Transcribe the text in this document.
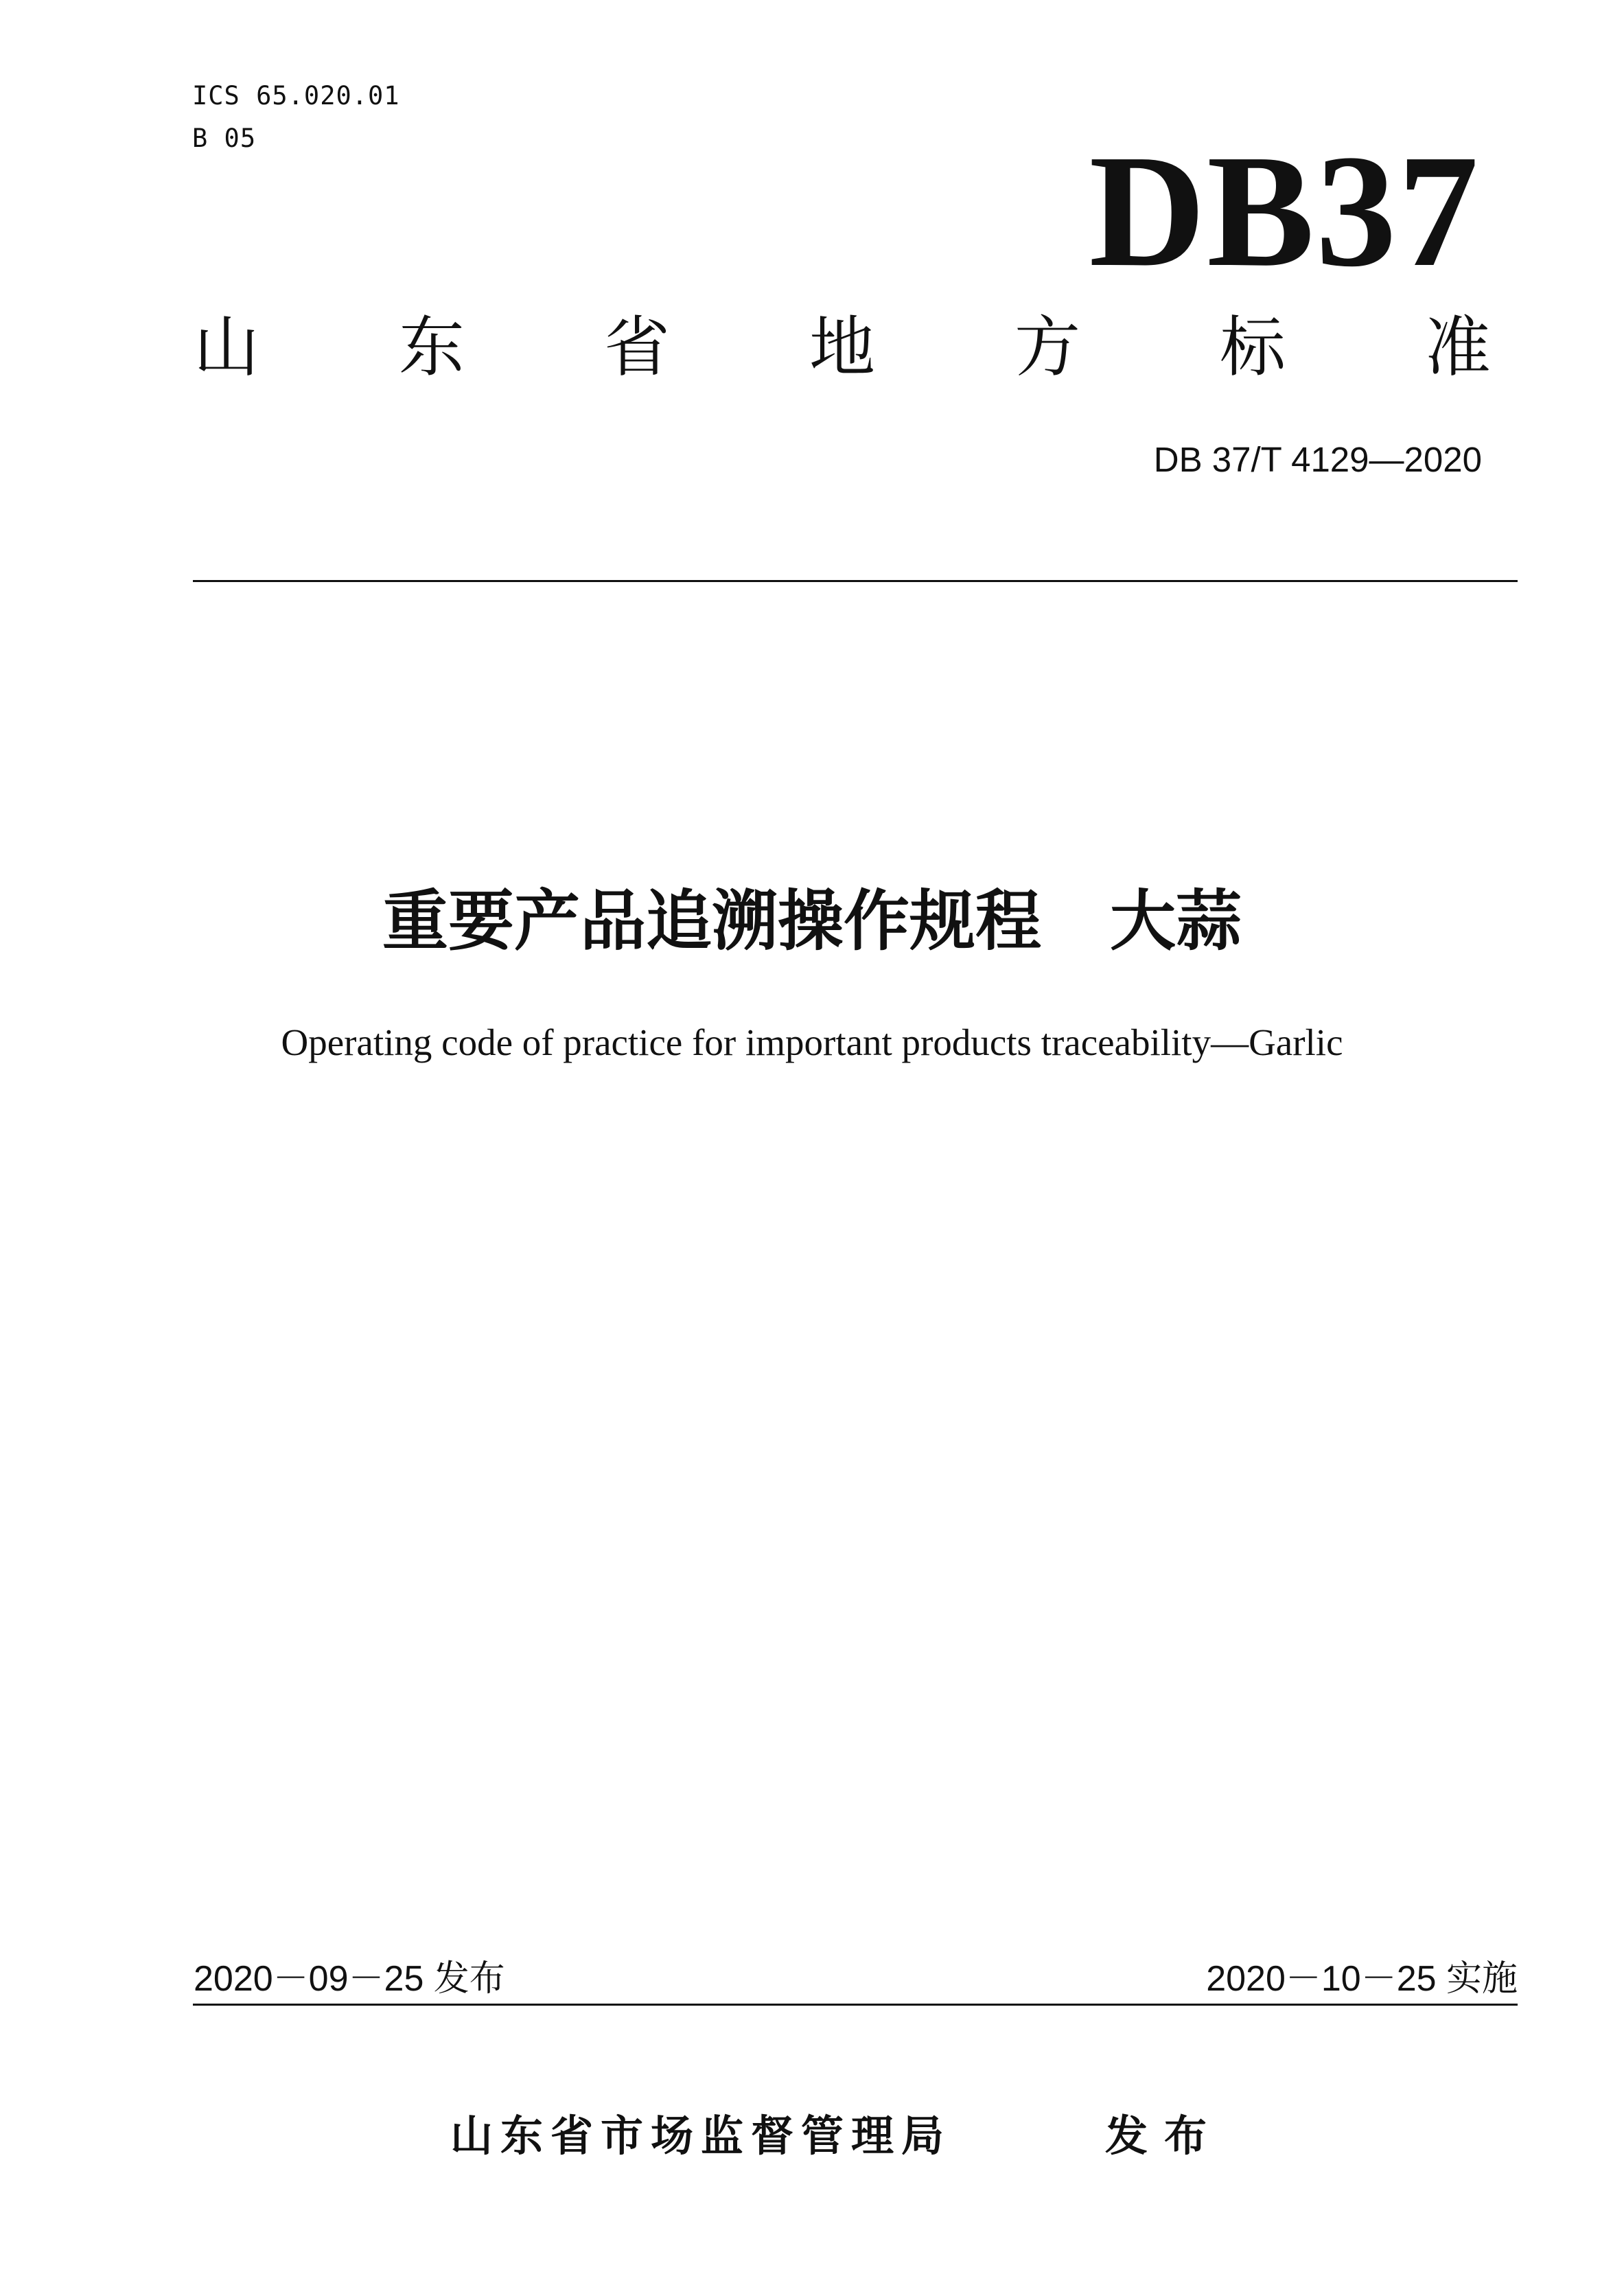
ICS 65.020.01
B 05	DB37
山 东 省 地 方 标 准
DB 37/T 4129—2020
重要产品追溯操作规程 大蒜
Operating code of practice for important products traceability—Garlic
2020－09－25 发布	2020－10－25 实施
山东省市场监督管理局	发布
